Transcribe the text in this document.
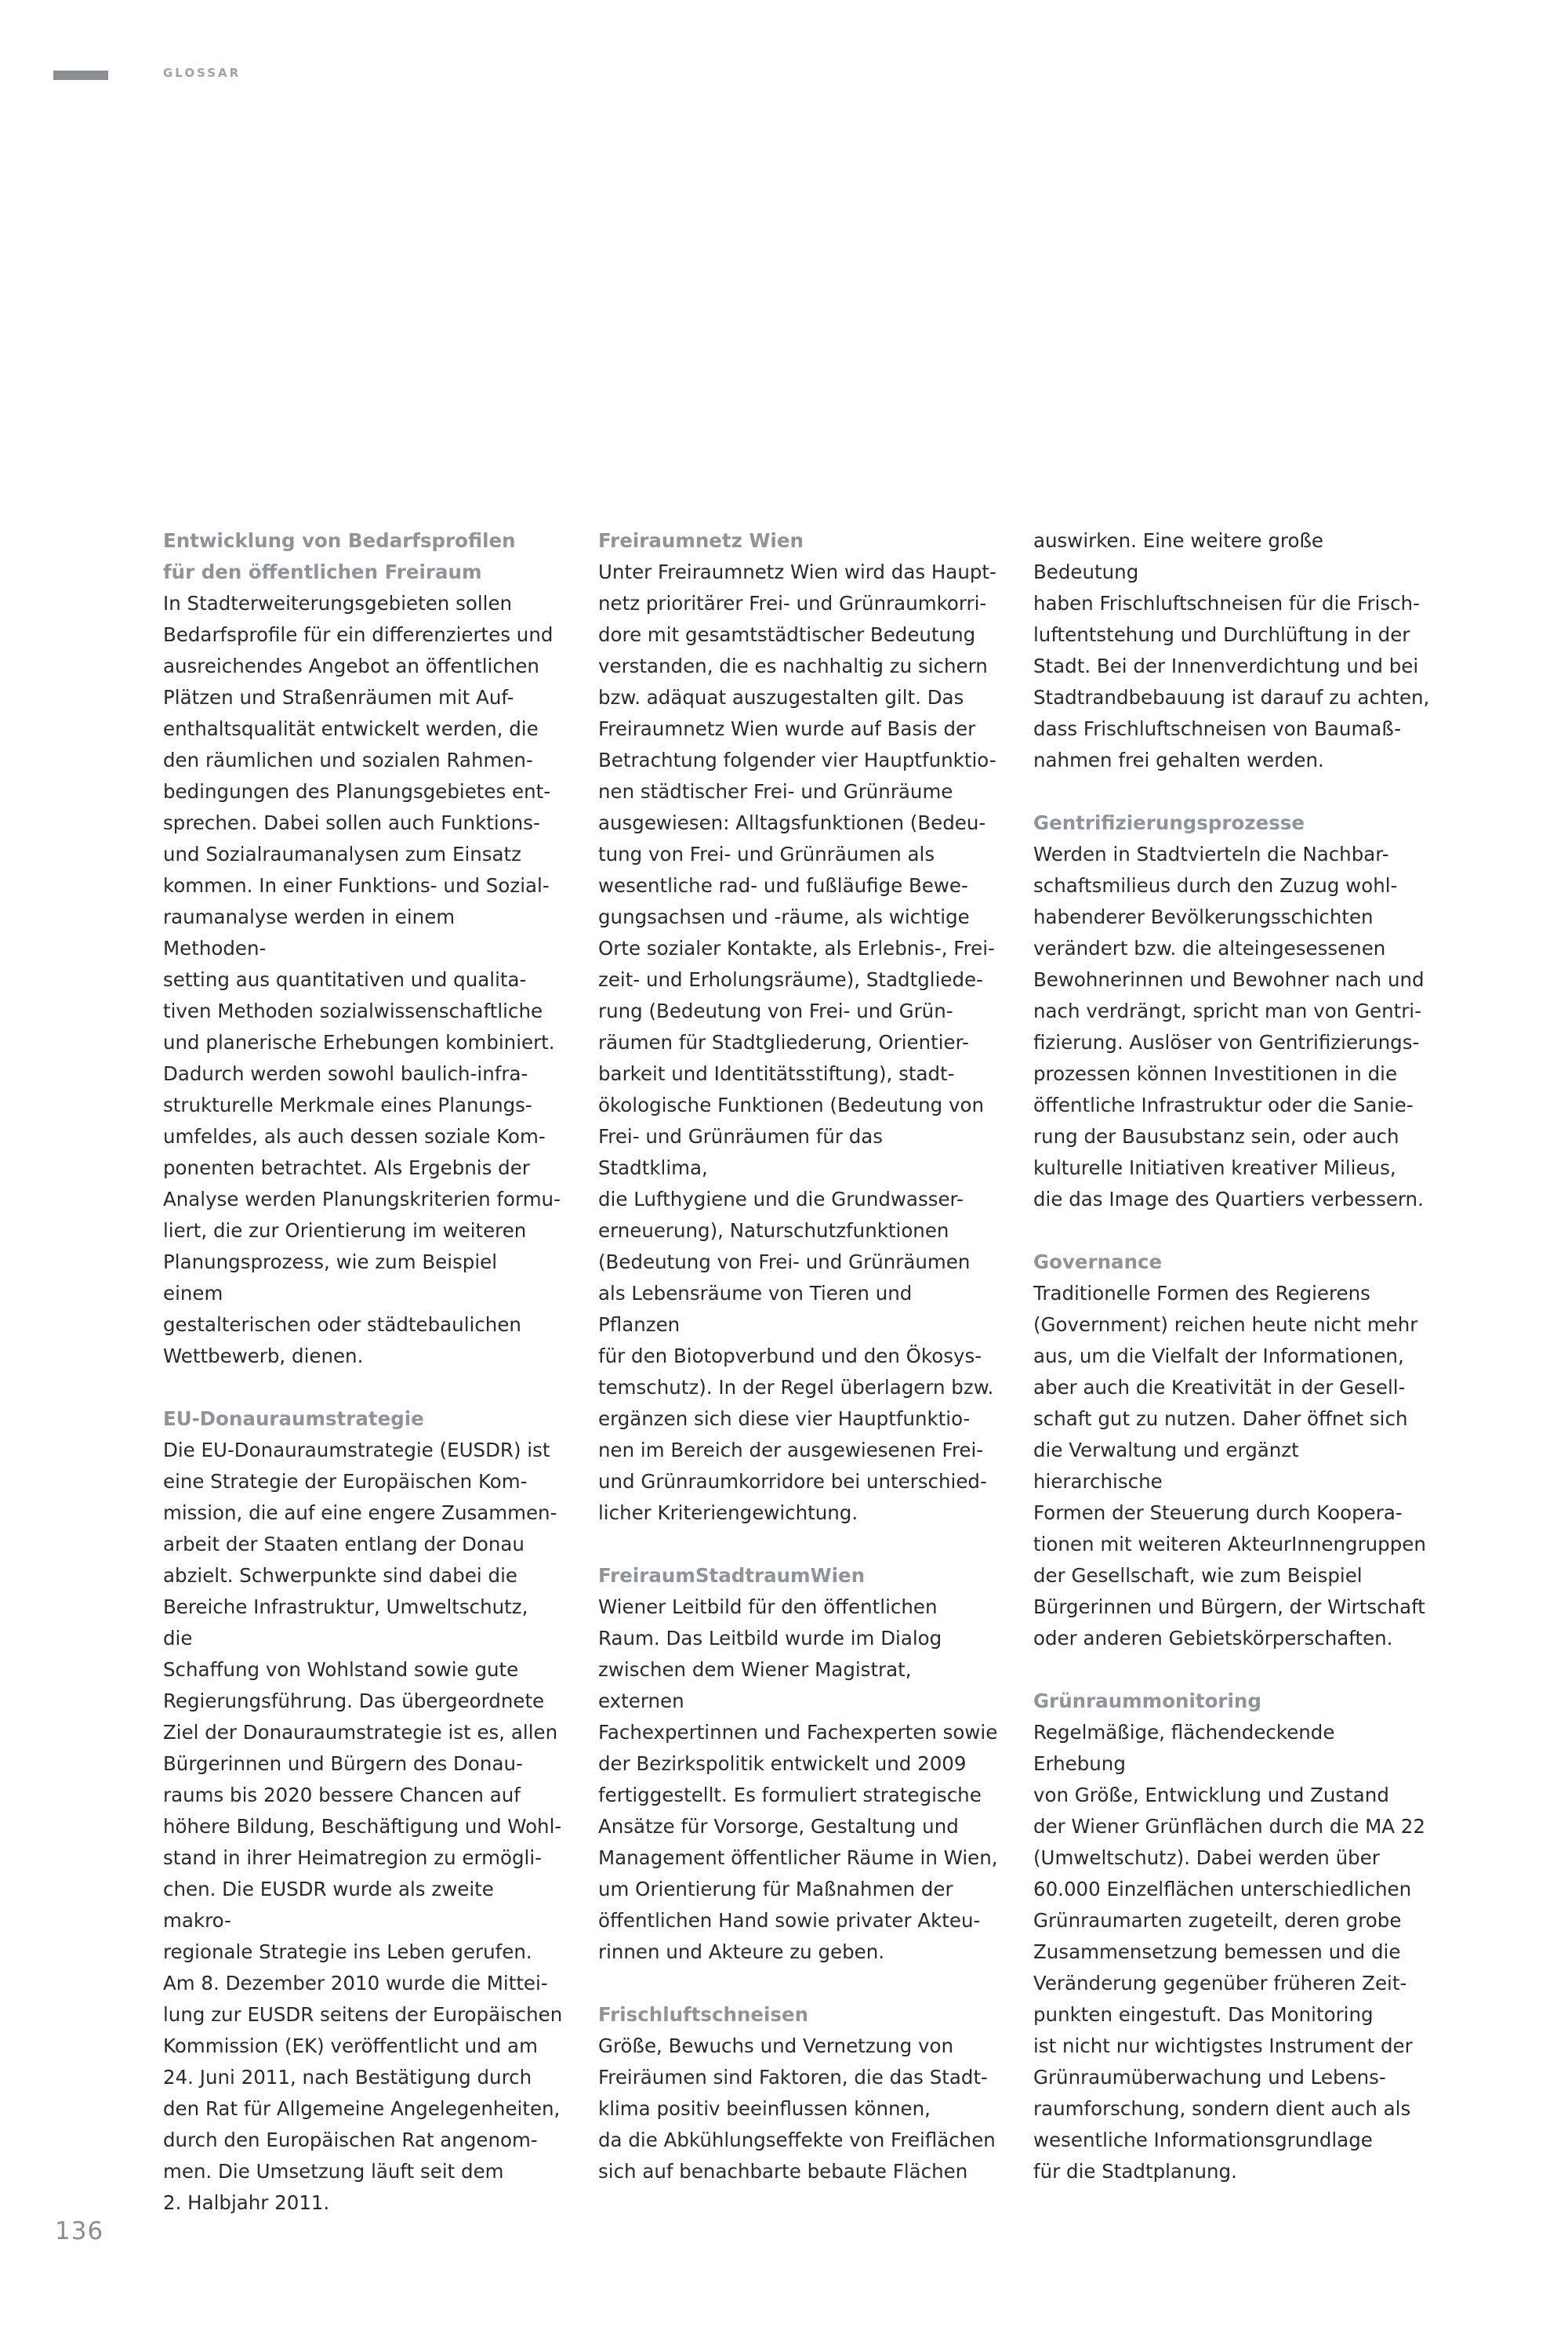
GLOSSAR
Entwicklung von Bedarfsprofilen
für den öffentlichen Freiraum
In Stadterweiterungsgebieten sollen
Bedarfsprofile für ein differenziertes und
ausreichendes Angebot an öffentlichen
Plätzen und Straßenräumen mit Auf-
enthaltsqualität entwickelt werden, die
den räumlichen und sozialen Rahmen-
bedingungen des Planungsgebietes ent-
sprechen. Dabei sollen auch Funktions-
und Sozialraumanalysen zum Einsatz
kommen. In einer Funktions- und Sozial-
raumanalyse werden in einem Methoden-
setting aus quantitativen und qualita-
tiven Methoden sozialwissenschaftliche
und planerische Erhebungen kombiniert.
Dadurch werden sowohl baulich-infra-
strukturelle Merkmale eines Planungs-
umfeldes, als auch dessen soziale Kom-
ponenten betrachtet. Als Ergebnis der
Analyse werden Planungskriterien formu-
liert, die zur Orientierung im weiteren
Planungsprozess, wie zum Beispiel einem
gestalterischen oder städtebaulichen
Wettbewerb, dienen.
EU-Donauraumstrategie
Die EU-Donauraumstrategie (EUSDR) ist
eine Strategie der Europäischen Kom-
mission, die auf eine engere Zusammen-
arbeit der Staaten entlang der Donau
abzielt. Schwerpunkte sind dabei die
Bereiche Infrastruktur, Umweltschutz, die
Schaffung von Wohlstand sowie gute
Regierungsführung. Das übergeordnete
Ziel der Donauraumstrategie ist es, allen
Bürgerinnen und Bürgern des Donau-
raums bis 2020 bessere Chancen auf
höhere Bildung, Beschäftigung und Wohl-
stand in ihrer Heimatregion zu ermögli-
chen. Die EUSDR wurde als zweite makro-
regionale Strategie ins Leben gerufen.
Am 8. Dezember 2010 wurde die Mittei-
lung zur EUSDR seitens der Europäischen
Kommission (EK) veröffentlicht und am
24. Juni 2011, nach Bestätigung durch
den Rat für Allgemeine Angelegenheiten,
durch den Europäischen Rat angenom-
men. Die Umsetzung läuft seit dem
2. Halbjahr 2011.
Freiraumnetz Wien
Unter Freiraumnetz Wien wird das Haupt-
netz prioritärer Frei- und Grünraumkorri-
dore mit gesamtstädtischer Bedeutung
verstanden, die es nachhaltig zu sichern
bzw. adäquat auszugestalten gilt. Das
Freiraumnetz Wien wurde auf Basis der
Betrachtung folgender vier Hauptfunktio-
nen städtischer Frei- und Grünräume
ausgewiesen: Alltagsfunktionen (Bedeu-
tung von Frei- und Grünräumen als
wesentliche rad- und fußläufige Bewe-
gungsachsen und -räume, als wichtige
Orte sozialer Kontakte, als Erlebnis-, Frei-
zeit- und Erholungsräume), Stadtgliede-
rung (Bedeutung von Frei- und Grün-
räumen für Stadtgliederung, Orientier-
barkeit und Identitätsstiftung), stadt-
ökologische Funktionen (Bedeutung von
Frei- und Grünräumen für das Stadtklima,
die Lufthygiene und die Grundwasser-
erneuerung), Naturschutzfunktionen
(Bedeutung von Frei- und Grünräumen
als Lebensräume von Tieren und Pflanzen
für den Biotopverbund und den Ökosys-
temschutz). In der Regel überlagern bzw.
ergänzen sich diese vier Hauptfunktio-
nen im Bereich der ausgewiesenen Frei-
und Grünraumkorridore bei unterschied-
licher Kriteriengewichtung.
FreiraumStadtraumWien
Wiener Leitbild für den öffentlichen
Raum. Das Leitbild wurde im Dialog
zwischen dem Wiener Magistrat, externen
Fachexpertinnen und Fachexperten sowie
der Bezirkspolitik entwickelt und 2009
fertiggestellt. Es formuliert strategische
Ansätze für Vorsorge, Gestaltung und
Management öffentlicher Räume in Wien,
um Orientierung für Maßnahmen der
öffentlichen Hand sowie privater Akteu-
rinnen und Akteure zu geben.
Frischluftschneisen
Größe, Bewuchs und Vernetzung von
Freiräumen sind Faktoren, die das Stadt-
klima positiv beeinflussen können,
da die Abkühlungseffekte von Freiflächen
sich auf benachbarte bebaute Flächen
auswirken. Eine weitere große Bedeutung
haben Frischluftschneisen für die Frisch-
luftentstehung und Durchlüftung in der
Stadt. Bei der Innenverdichtung und bei
Stadtrandbebauung ist darauf zu achten,
dass Frischluftschneisen von Baumaß-
nahmen frei gehalten werden.
Gentrifizierungsprozesse
Werden in Stadtvierteln die Nachbar-
schaftsmilieus durch den Zuzug wohl-
habenderer Bevölkerungsschichten
verändert bzw. die alteingesessenen
Bewohnerinnen und Bewohner nach und
nach verdrängt, spricht man von Gentri-
fizierung. Auslöser von Gentrifizierungs-
prozessen können Investitionen in die
öffentliche Infrastruktur oder die Sanie-
rung der Bausubstanz sein, oder auch
kulturelle Initiativen kreativer Milieus,
die das Image des Quartiers verbessern.
Governance
Traditionelle Formen des Regierens
(Government) reichen heute nicht mehr
aus, um die Vielfalt der Informationen,
aber auch die Kreativität in der Gesell-
schaft gut zu nutzen. Daher öffnet sich
die Verwaltung und ergänzt hierarchische
Formen der Steuerung durch Koopera-
tionen mit weiteren AkteurInnengruppen
der Gesellschaft, wie zum Beispiel
Bürgerinnen und Bürgern, der Wirtschaft
oder anderen Gebietskörperschaften.
Grünraummonitoring
Regelmäßige, flächendeckende Erhebung
von Größe, Entwicklung und Zustand
der Wiener Grünflächen durch die MA 22
(Umweltschutz). Dabei werden über
60.000 Einzelflächen unterschiedlichen
Grünraumarten zugeteilt, deren grobe
Zusammensetzung bemessen und die
Veränderung gegenüber früheren Zeit-
punkten eingestuft. Das Monitoring
ist nicht nur wichtigstes Instrument der
Grünraumüberwachung und Lebens-
raumforschung, sondern dient auch als
wesentliche Informationsgrundlage
für die Stadtplanung.
136
